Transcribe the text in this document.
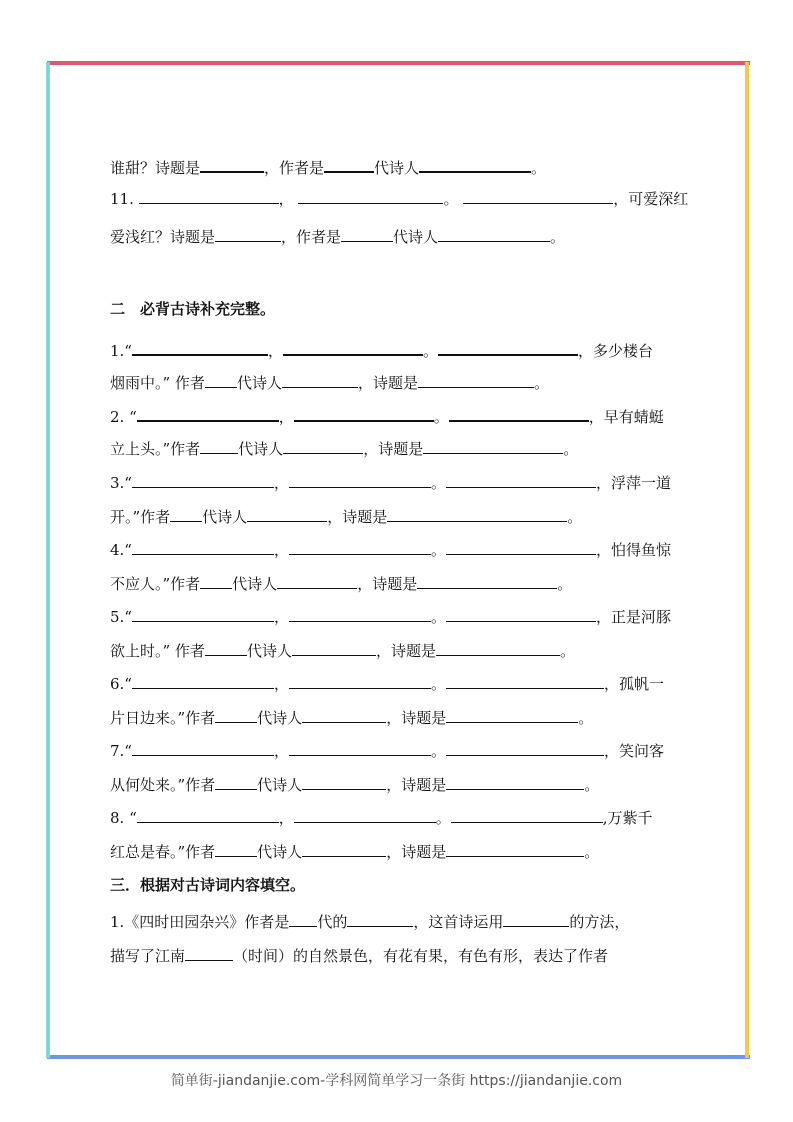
谁甜？诗题是	，作者是	代诗人	。
11.	，	。	，可爱深红
爱浅红？诗题是	，作者是	代诗人	。
二　必背古诗补充完整。
1.“	，	。	，多少楼台
烟雨中。” 作者 代诗人	，诗题是	。
2. “	，	。	，早有蜻蜓
立上头。”作者	代诗人	，诗题是	。
3.“	，	。	，浮萍一道
开。”作者 代诗人	，诗题是	。
4.“	，	。	，怕得鱼惊
不应人。”作者 代诗人	，诗题是	。
5.“	，	。	，正是河豚
欲上时。” 作者	代诗人	，诗题是	。
6.“	，	。	，孤帆一
片日边来。”作者	代诗人	，诗题是	。
7.“	，	。	，笑问客
从何处来。”作者	代诗人	，诗题是	。
8. “	，	。	,万紫千
红总是春。”作者	代诗人	，诗题是	。
三．根据对古诗词内容填空。
1.《四时田园杂兴》作者是 代的	，这首诗运用	的方法，
描写了江南	（时间）的自然景色，有花有果，有色有形，表达了作者
简单街-jiandanjie.com-学科网简单学习一条街 https://jiandanjie.com
